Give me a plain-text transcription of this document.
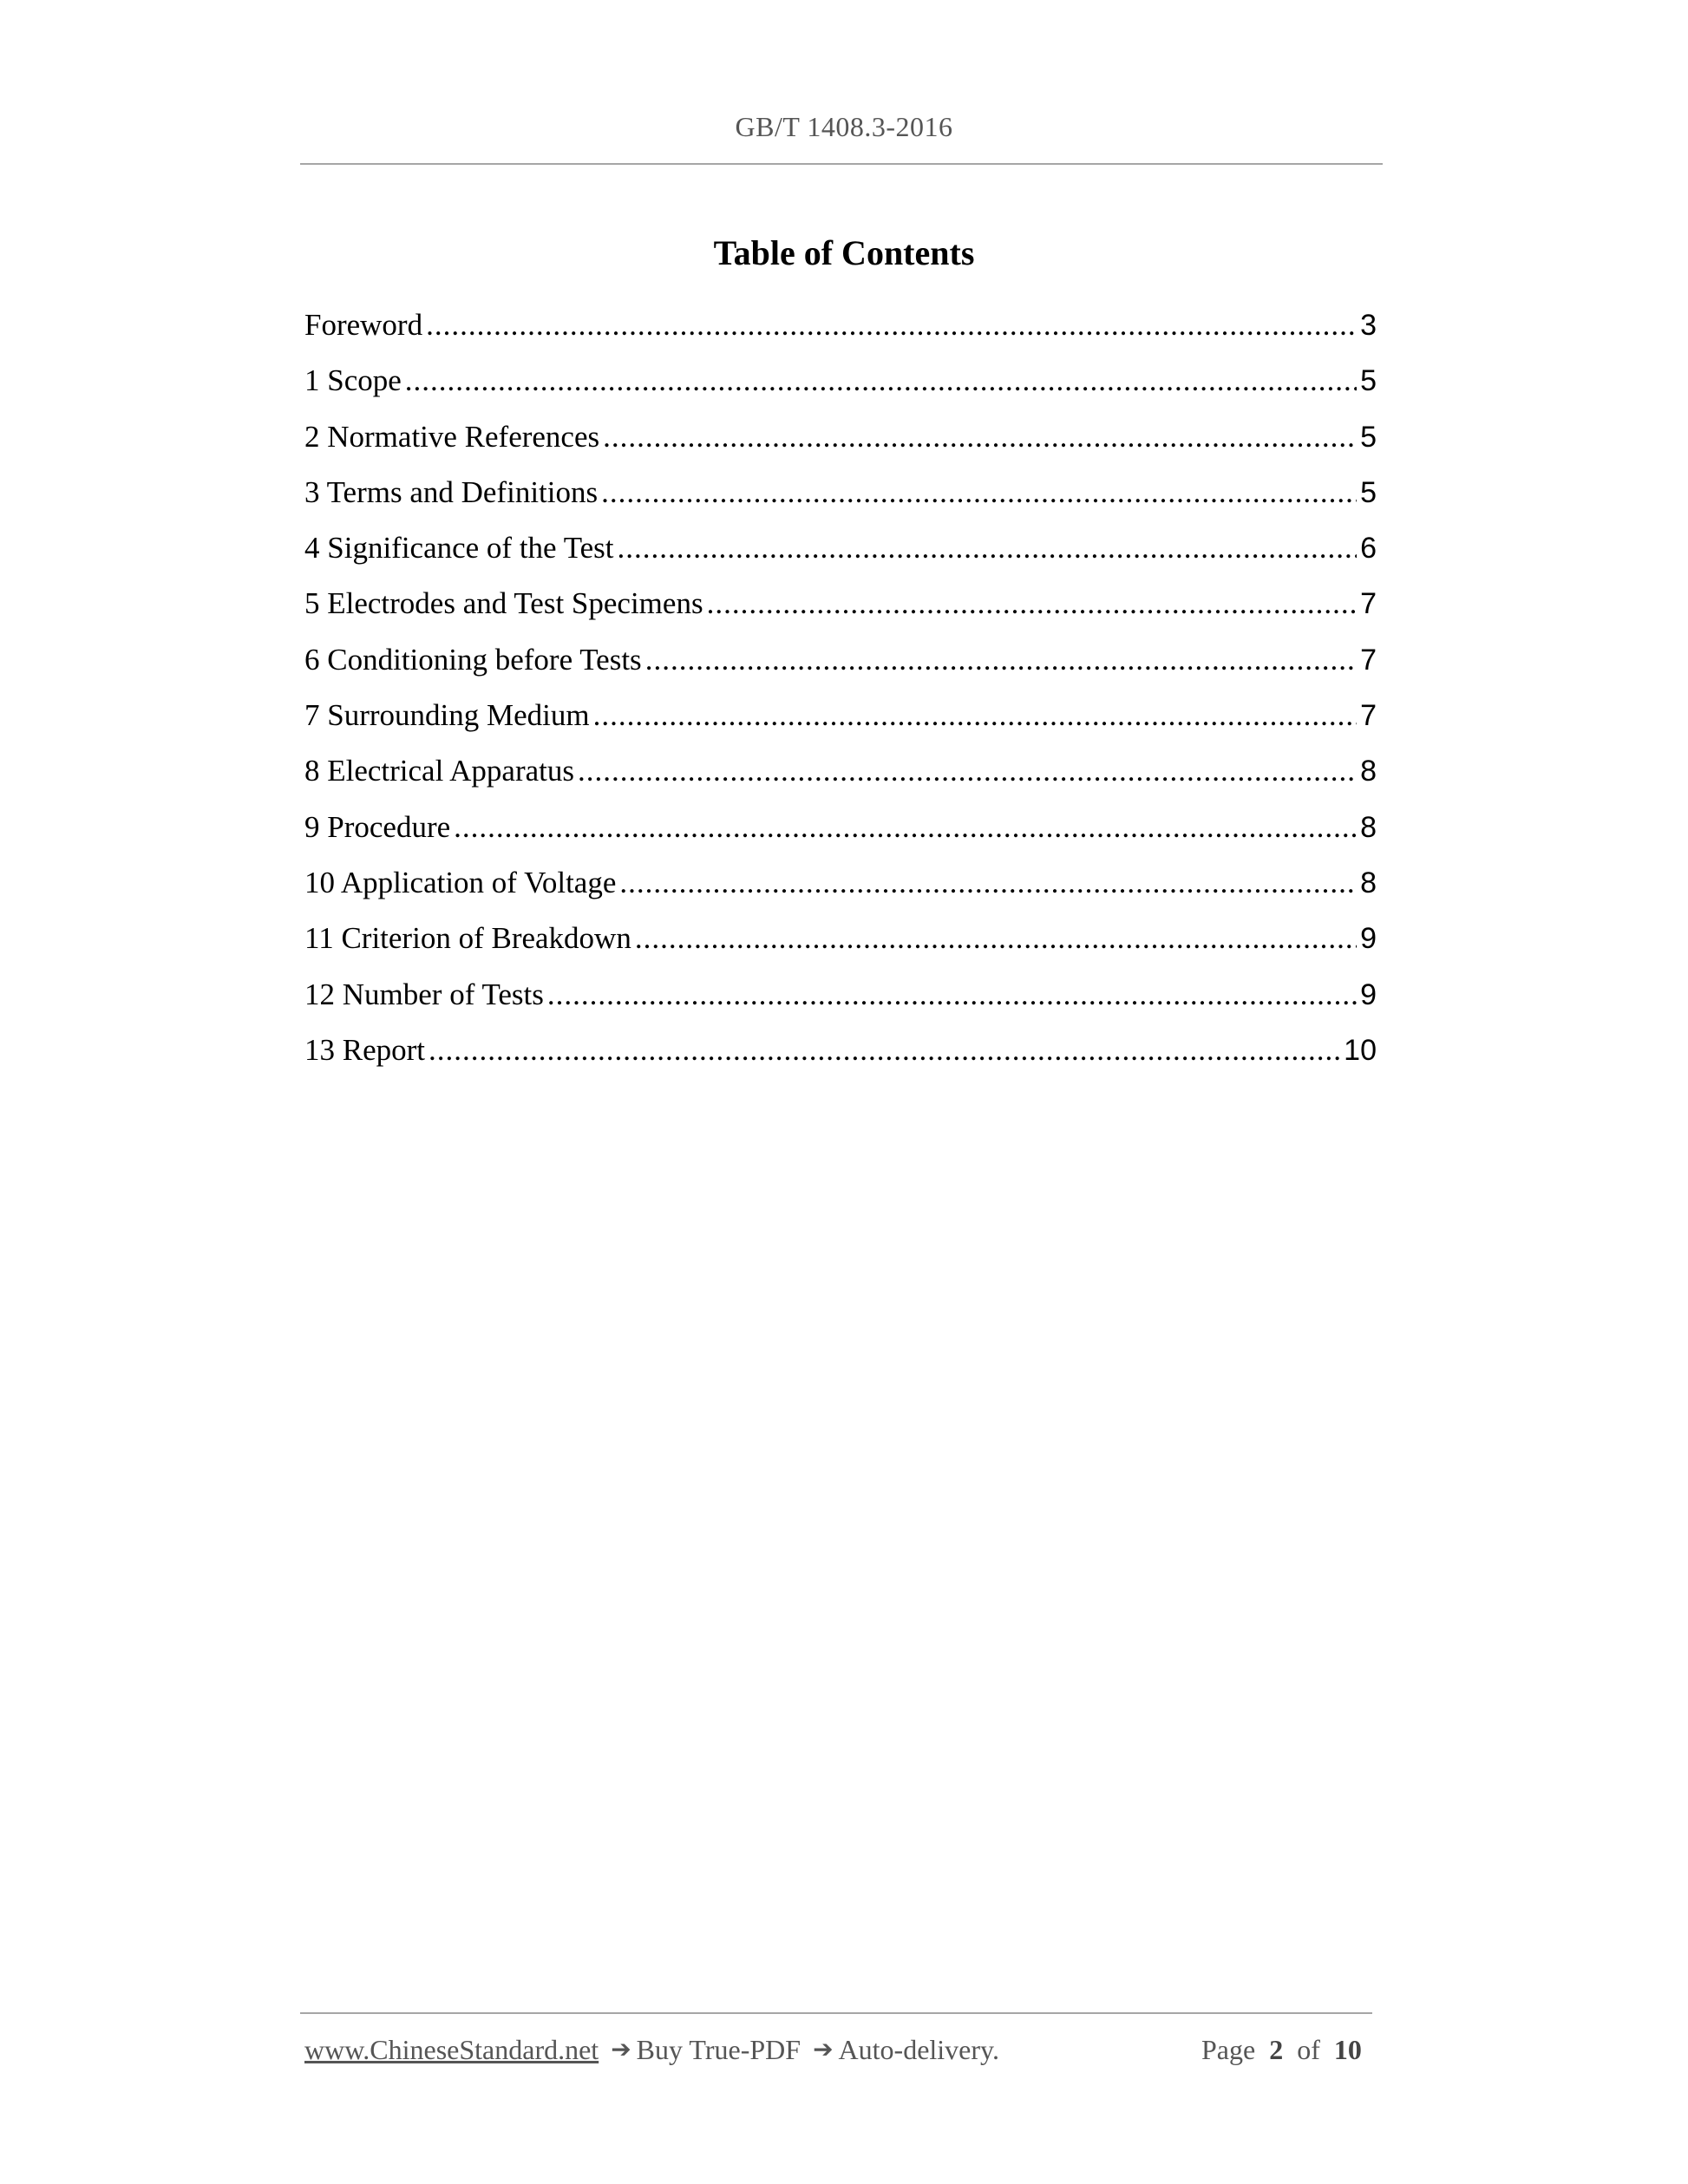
GB/T 1408.3-2016
Table of Contents
Foreword .....	3
1 Scope .....	5
2 Normative References .....	5
3 Terms and Definitions .....	5
4 Significance of the Test .....	6
5 Electrodes and Test Specimens .....	7
6 Conditioning before Tests .....	7
7 Surrounding Medium .....	7
8 Electrical Apparatus .....	8
9 Procedure .....	8
10 Application of Voltage .....	8
11 Criterion of Breakdown .....	9
12 Number of Tests .....	9
13 Report .....	10
www.ChineseStandard.net ➔ Buy True-PDF ➔ Auto-delivery.	Page 2 of 10
